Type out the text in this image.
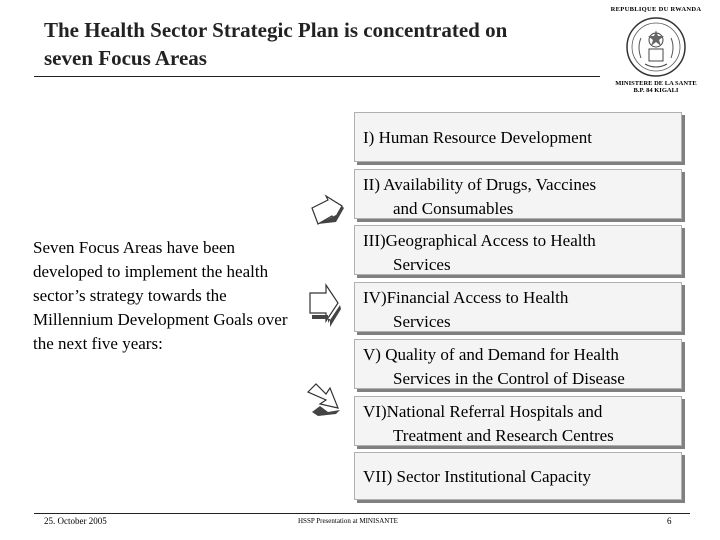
The Health Sector Strategic Plan is concentrated on
seven Focus Areas
REPUBLIQUE DU RWANDA
MINISTERE DE LA SANTE
B.P. 84 KIGALI
Seven Focus Areas have been developed to implement the health sector’s strategy towards the Millennium Development Goals over the next five years:
I) Human Resource Development
II) Availability of Drugs, Vaccines
and Consumables
III)Geographical Access to Health
Services
IV)Financial Access to Health
Services
V) Quality of and Demand for Health
Services in the Control of Disease
VI)National Referral Hospitals and
Treatment and Research Centres
VII) Sector Institutional Capacity
25. October 2005	HSSP Presentation at MINISANTE	6
